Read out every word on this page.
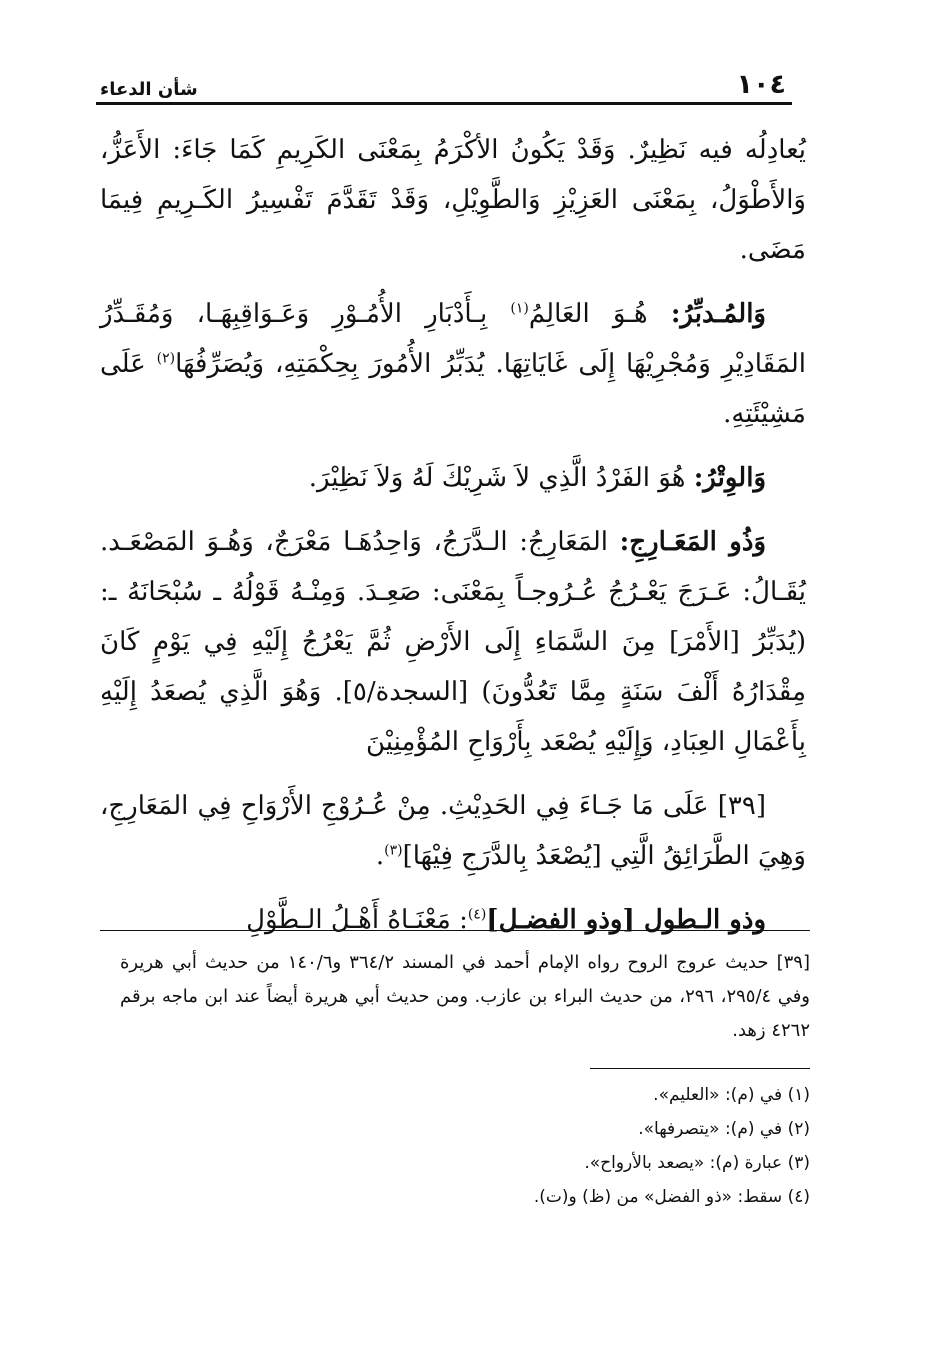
١٠٤
شأن الدعاء

يُعادِلُه فيه نَظِيرٌ. وَقَدْ يَكُونُ الأكْرَمُ بِمَعْنَى الكَرِيمِ كَمَا جَاءَ: الأَعَزُّ، وَالأَطْوَلُ، بِمَعْنَى العَزِيْزِ وَالطَّوِيْلِ، وَقَدْ تَقَدَّمَ تَفْسِيرُ الكَـرِيمِ فِيمَا مَضَى.

وَالمُـدبِّرُ: هُـوَ العَالِمُ$^{(١)}$ بِـأَدْبَارِ الأُمُـوْرِ وَعَـوَاقِبِهَـا، وَمُقَـدِّرُ المَقَادِيْرِ وَمُجْرِيْهَا إِلَى غَايَاتِهَا. يُدَبِّرُ الأُمُورَ بِحِكْمَتِهِ، وَيُصَرِّفُهَا$^{(٢)}$ عَلَى مَشِيْئَتِهِ.

وَالوِتْرُ: هُوَ الفَرْدُ الَّذِي لاَ شَرِيْكَ لَهُ وَلاَ نَظِيْرَ.

وَذُو المَعَـارِجِ: المَعَارِجُ: الـدَّرَجُ، وَاحِدُهَـا مَعْرَجٌ، وَهُـوَ المَصْعَـد. يُقَـالُ: عَـرَجَ يَعْـرُجُ عُـرُوجـاً بِمَعْنَى: صَعِـدَ. وَمِنْـهُ قَوْلُهُ ـ سُبْحَانَهُ ـ: (يُدَبِّرُ [الأَمْرَ] مِنَ السَّمَاءِ إِلَى الأَرْضِ ثُمَّ يَعْرُجُ إِلَيْهِ فِي يَوْمٍ كَانَ مِقْدَارُهُ أَلْفَ سَنَةٍ مِمَّا تَعُدُّونَ) [السجدة/٥]. وَهُوَ الَّذِي يُصعَدُ إِلَيْهِ بِأَعْمَالِ العِبَادِ، وَإِلَيْهِ يُصْعَد بِأَرْوَاحِ المُؤْمِنِيْنَ

[٣٩] عَلَى مَا جَـاءَ فِي الحَدِيْثِ. مِنْ عُـرُوْجِ الأَرْوَاحِ فِي المَعَارِجِ، وَهِيَ الطَّرَائِقُ الَّتِي [يُصْعَدُ بِالدَّرَجِ فِيْهَا]$^{(٣)}$.

وذو الـطول [وذو الفضـل]$^{(٤)}$: مَعْنَـاهُ أَهْـلُ الـطَّوْلِ

[٣٩] حديث عروج الروح رواه الإمام أحمد في المسند ٣٦٤/٢ و١٤٠/٦ من حديث أبي هريرة وفي ٢٩٥/٤، ٢٩٦، من حديث البراء بن عازب. ومن حديث أبي هريرة أيضاً عند ابن ماجه برقم ٤٢٦٢ زهد.

(١) في (م): «العليم».

(٢) في (م): «يتصرفها».

(٣) عبارة (م): «يصعد بالأرواح».

(٤) سقط: «ذو الفضل» من (ظ) و(ت).
